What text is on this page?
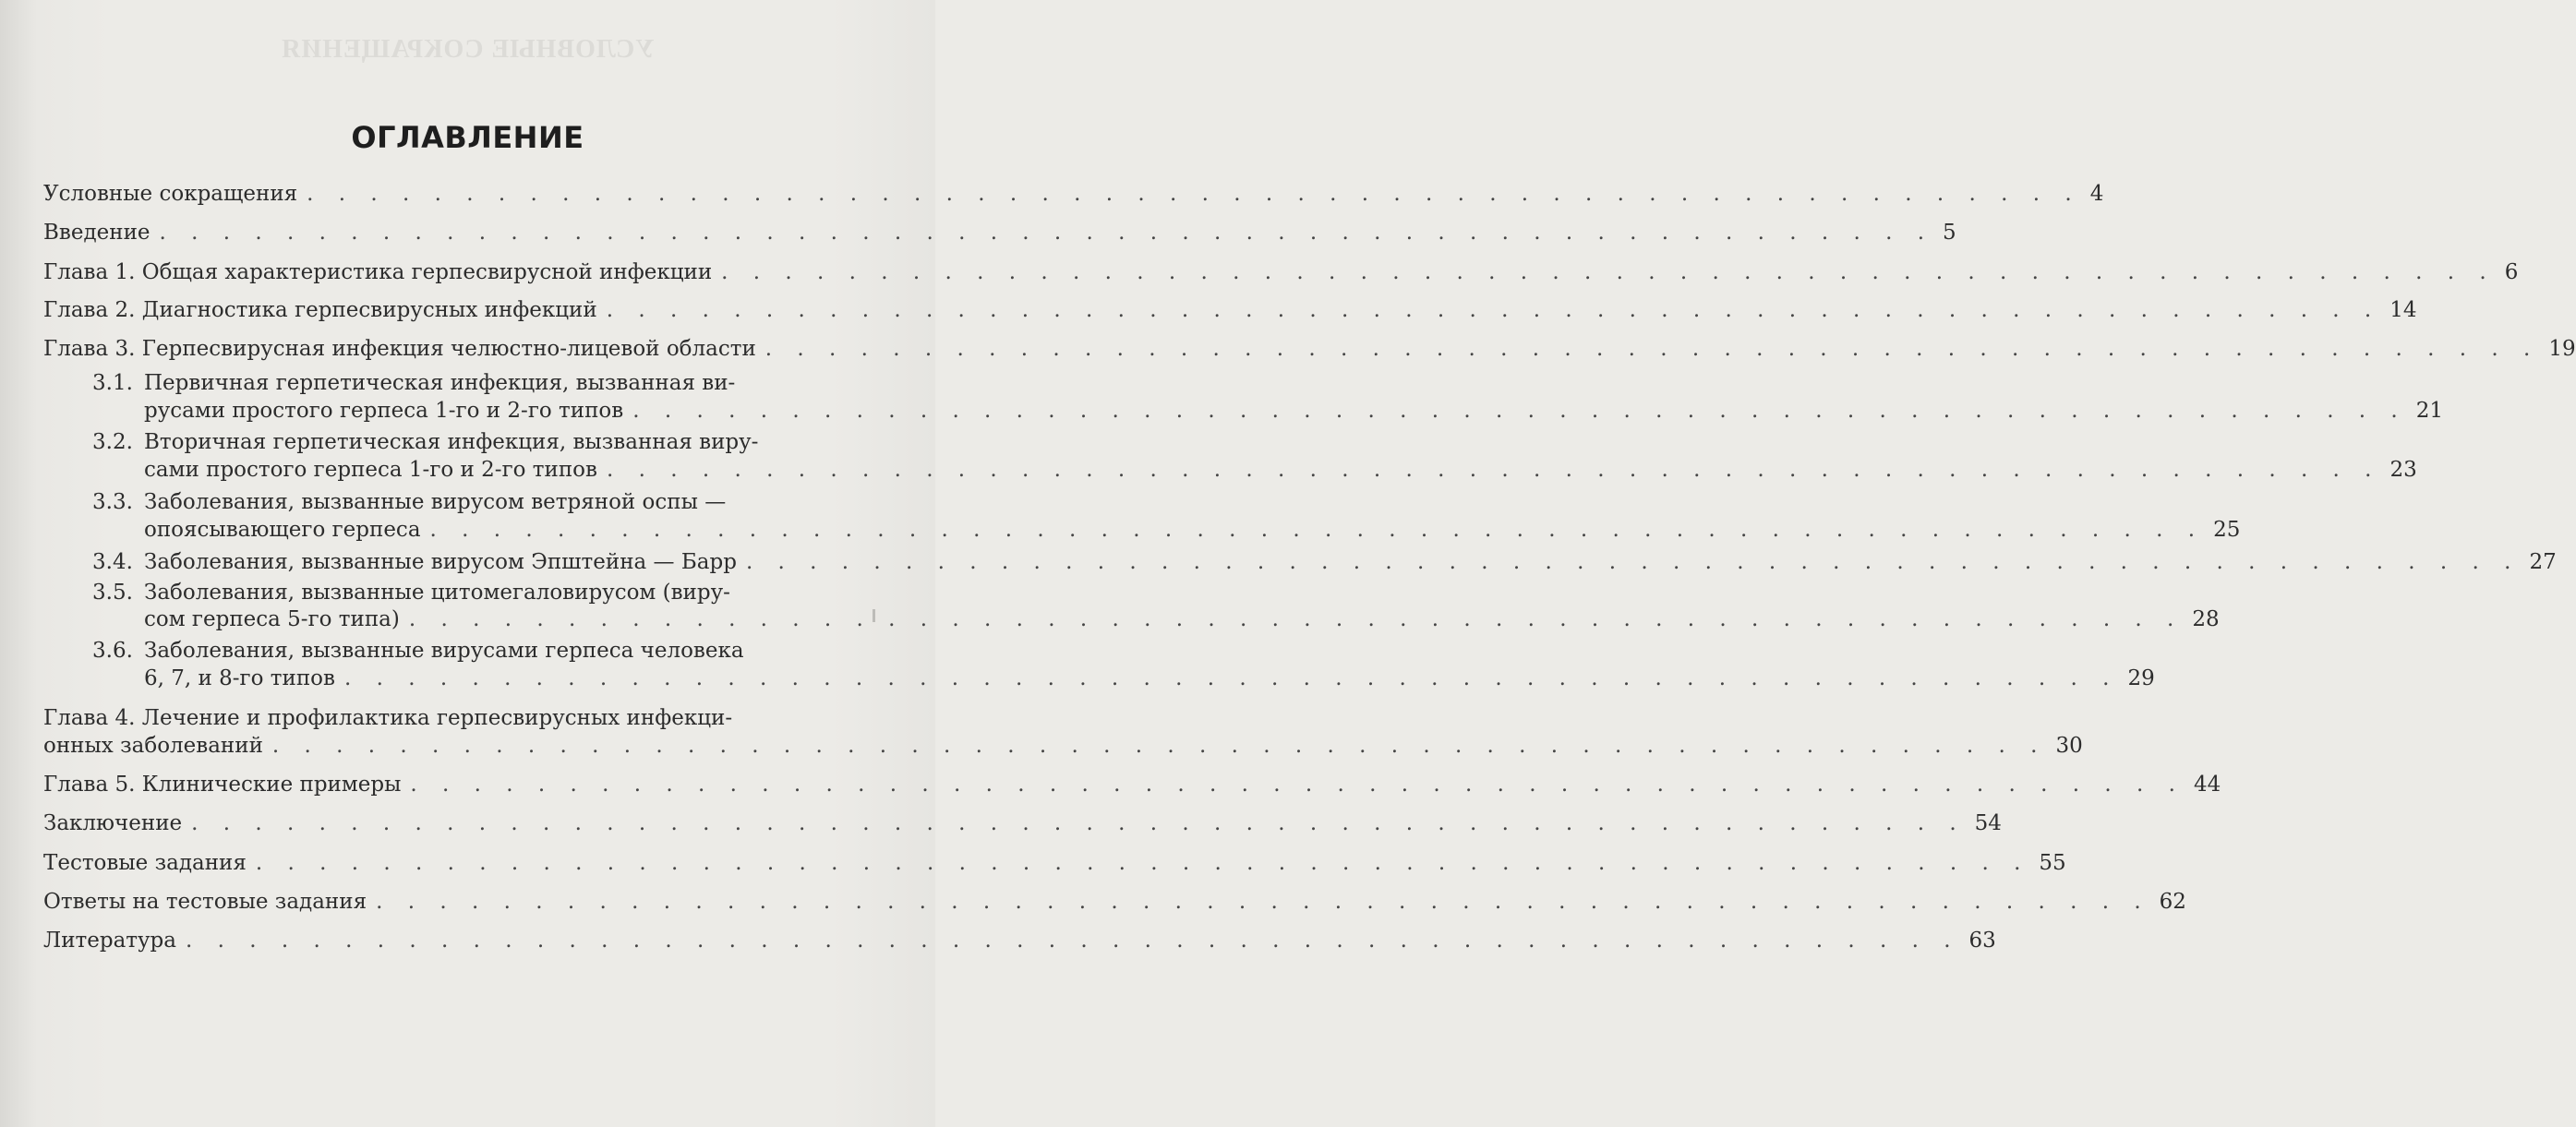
УСЛОВНЫЕ СОКРАЩЕНИЯ
ОГЛАВЛЕНИЕ
Условные сокращения . . . . . . . . . . . . . . . . . . . . . . . . . . . . . . . . . . . . . . . . . . . . . . . . . . . . . . . . 4
Введение . . . . . . . . . . . . . . . . . . . . . . . . . . . . . . . . . . . . . . . . . . . . . . . . . . . . . . . . 5
Глава 1. Общая характеристика герпесвирусной инфекции . . . . . . . . . . . . . . . . . . . . . . . . . . . . . . . . . . . . . . . . . . . . . . . . . . . . . . . . 6
Глава 2. Диагностика герпесвирусных инфекций . . . . . . . . . . . . . . . . . . . . . . . . . . . . . . . . . . . . . . . . . . . . . . . . . . . . . . . . 14
Глава 3. Герпесвирусная инфекция челюстно-лицевой области . . . . . . . . . . . . . . . . . . . . . . . . . . . . . . . . . . . . . . . . . . . . . . . . . . . . . . . . 19
3.1. Первичная герпетическая инфекция, вызванная ви-
русами простого герпеса 1-го и 2-го типов . . . . . . . . . . . . . . . . . . . . . . . . . . . . . . . . . . . . . . . . . . . . . . . . . . . . . . . . 21
3.2. Вторичная герпетическая инфекция, вызванная виру-
сами простого герпеса 1-го и 2-го типов . . . . . . . . . . . . . . . . . . . . . . . . . . . . . . . . . . . . . . . . . . . . . . . . . . . . . . . . 23
3.3. Заболевания, вызванные вирусом ветряной оспы —
опоясывающего герпеса . . . . . . . . . . . . . . . . . . . . . . . . . . . . . . . . . . . . . . . . . . . . . . . . . . . . . . . . 25
3.4. Заболевания, вызванные вирусом Эпштейна — Барр . . . . . . . . . . . . . . . . . . . . . . . . . . . . . . . . . . . . . . . . . . . . . . . . . . . . . . . . 27
3.5. Заболевания, вызванные цитомегаловирусом (виру-
сом герпеса 5-го типа) . . . . . . . . . . . . . . . . . . . . . . . . . . . . . . . . . . . . . . . . . . . . . . . . . . . . . . . . 28
3.6. Заболевания, вызванные вирусами герпеса человека
6, 7, и 8-го типов . . . . . . . . . . . . . . . . . . . . . . . . . . . . . . . . . . . . . . . . . . . . . . . . . . . . . . . . 29
Глава 4. Лечение и профилактика герпесвирусных инфекци-
онных заболеваний . . . . . . . . . . . . . . . . . . . . . . . . . . . . . . . . . . . . . . . . . . . . . . . . . . . . . . . . 30
Глава 5. Клинические примеры . . . . . . . . . . . . . . . . . . . . . . . . . . . . . . . . . . . . . . . . . . . . . . . . . . . . . . . . 44
Заключение . . . . . . . . . . . . . . . . . . . . . . . . . . . . . . . . . . . . . . . . . . . . . . . . . . . . . . . . 54
Тестовые задания . . . . . . . . . . . . . . . . . . . . . . . . . . . . . . . . . . . . . . . . . . . . . . . . . . . . . . . . 55
Ответы на тестовые задания . . . . . . . . . . . . . . . . . . . . . . . . . . . . . . . . . . . . . . . . . . . . . . . . . . . . . . . . 62
Литература . . . . . . . . . . . . . . . . . . . . . . . . . . . . . . . . . . . . . . . . . . . . . . . . . . . . . . . . 63
